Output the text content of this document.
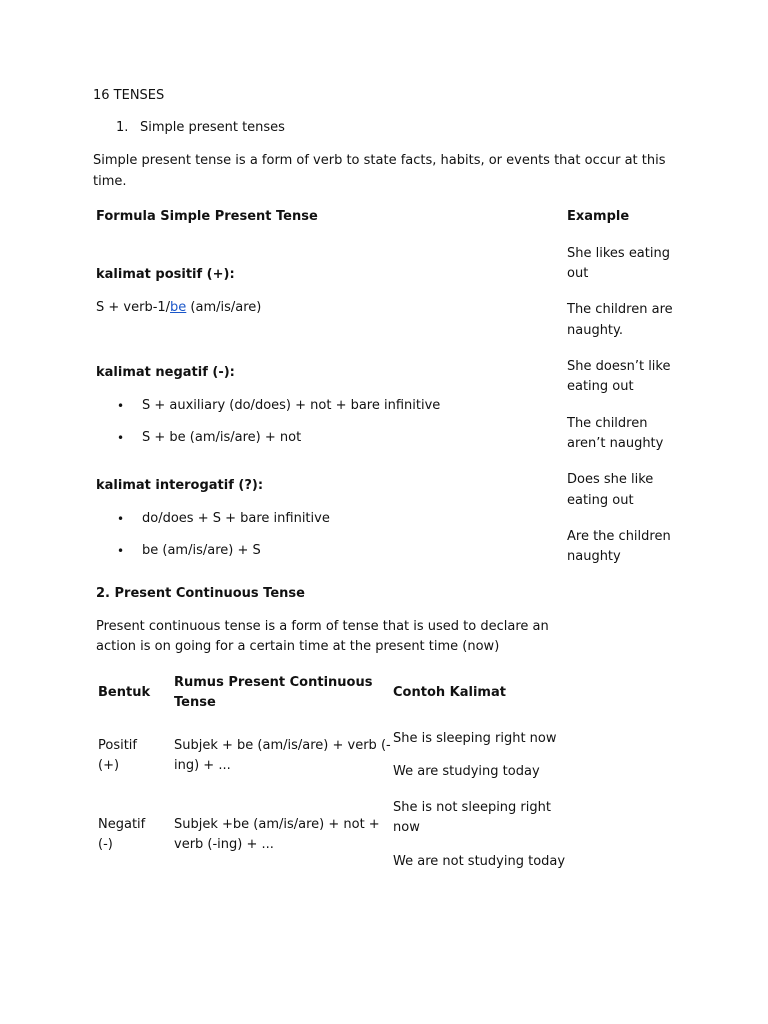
16 TENSES
1. Simple present tenses
Simple present tense is a form of verb to state facts, habits, or events that occur at this
time.
Formula Simple Present Tense	Example
kalimat positif (+):
S + verb-1/be (am/is/are)
kalimat negatif (-):
• S + auxiliary (do/does) + not + bare infinitive
• S + be (am/is/are) + not
kalimat interogatif (?):
• do/does + S + bare infinitive
• be (am/is/are) + S
She likes eating
out
The children are
naughty.
She doesn’t like
eating out
The children
aren’t naughty
Does she like
eating out
Are the children
naughty
2. Present Continuous Tense
Present continuous tense is a form of tense that is used to declare an
action is on going for a certain time at the present time (now)
Bentuk
Rumus Present Continuous
Tense
Contoh Kalimat
Positif
(+)
Subjek + be (am/is/are) + verb (-
ing) + ...
She is sleeping right now
We are studying today
Negatif
(-)
Subjek +be (am/is/are) + not +
verb (-ing) + ...
She is not sleeping right
now
We are not studying today
